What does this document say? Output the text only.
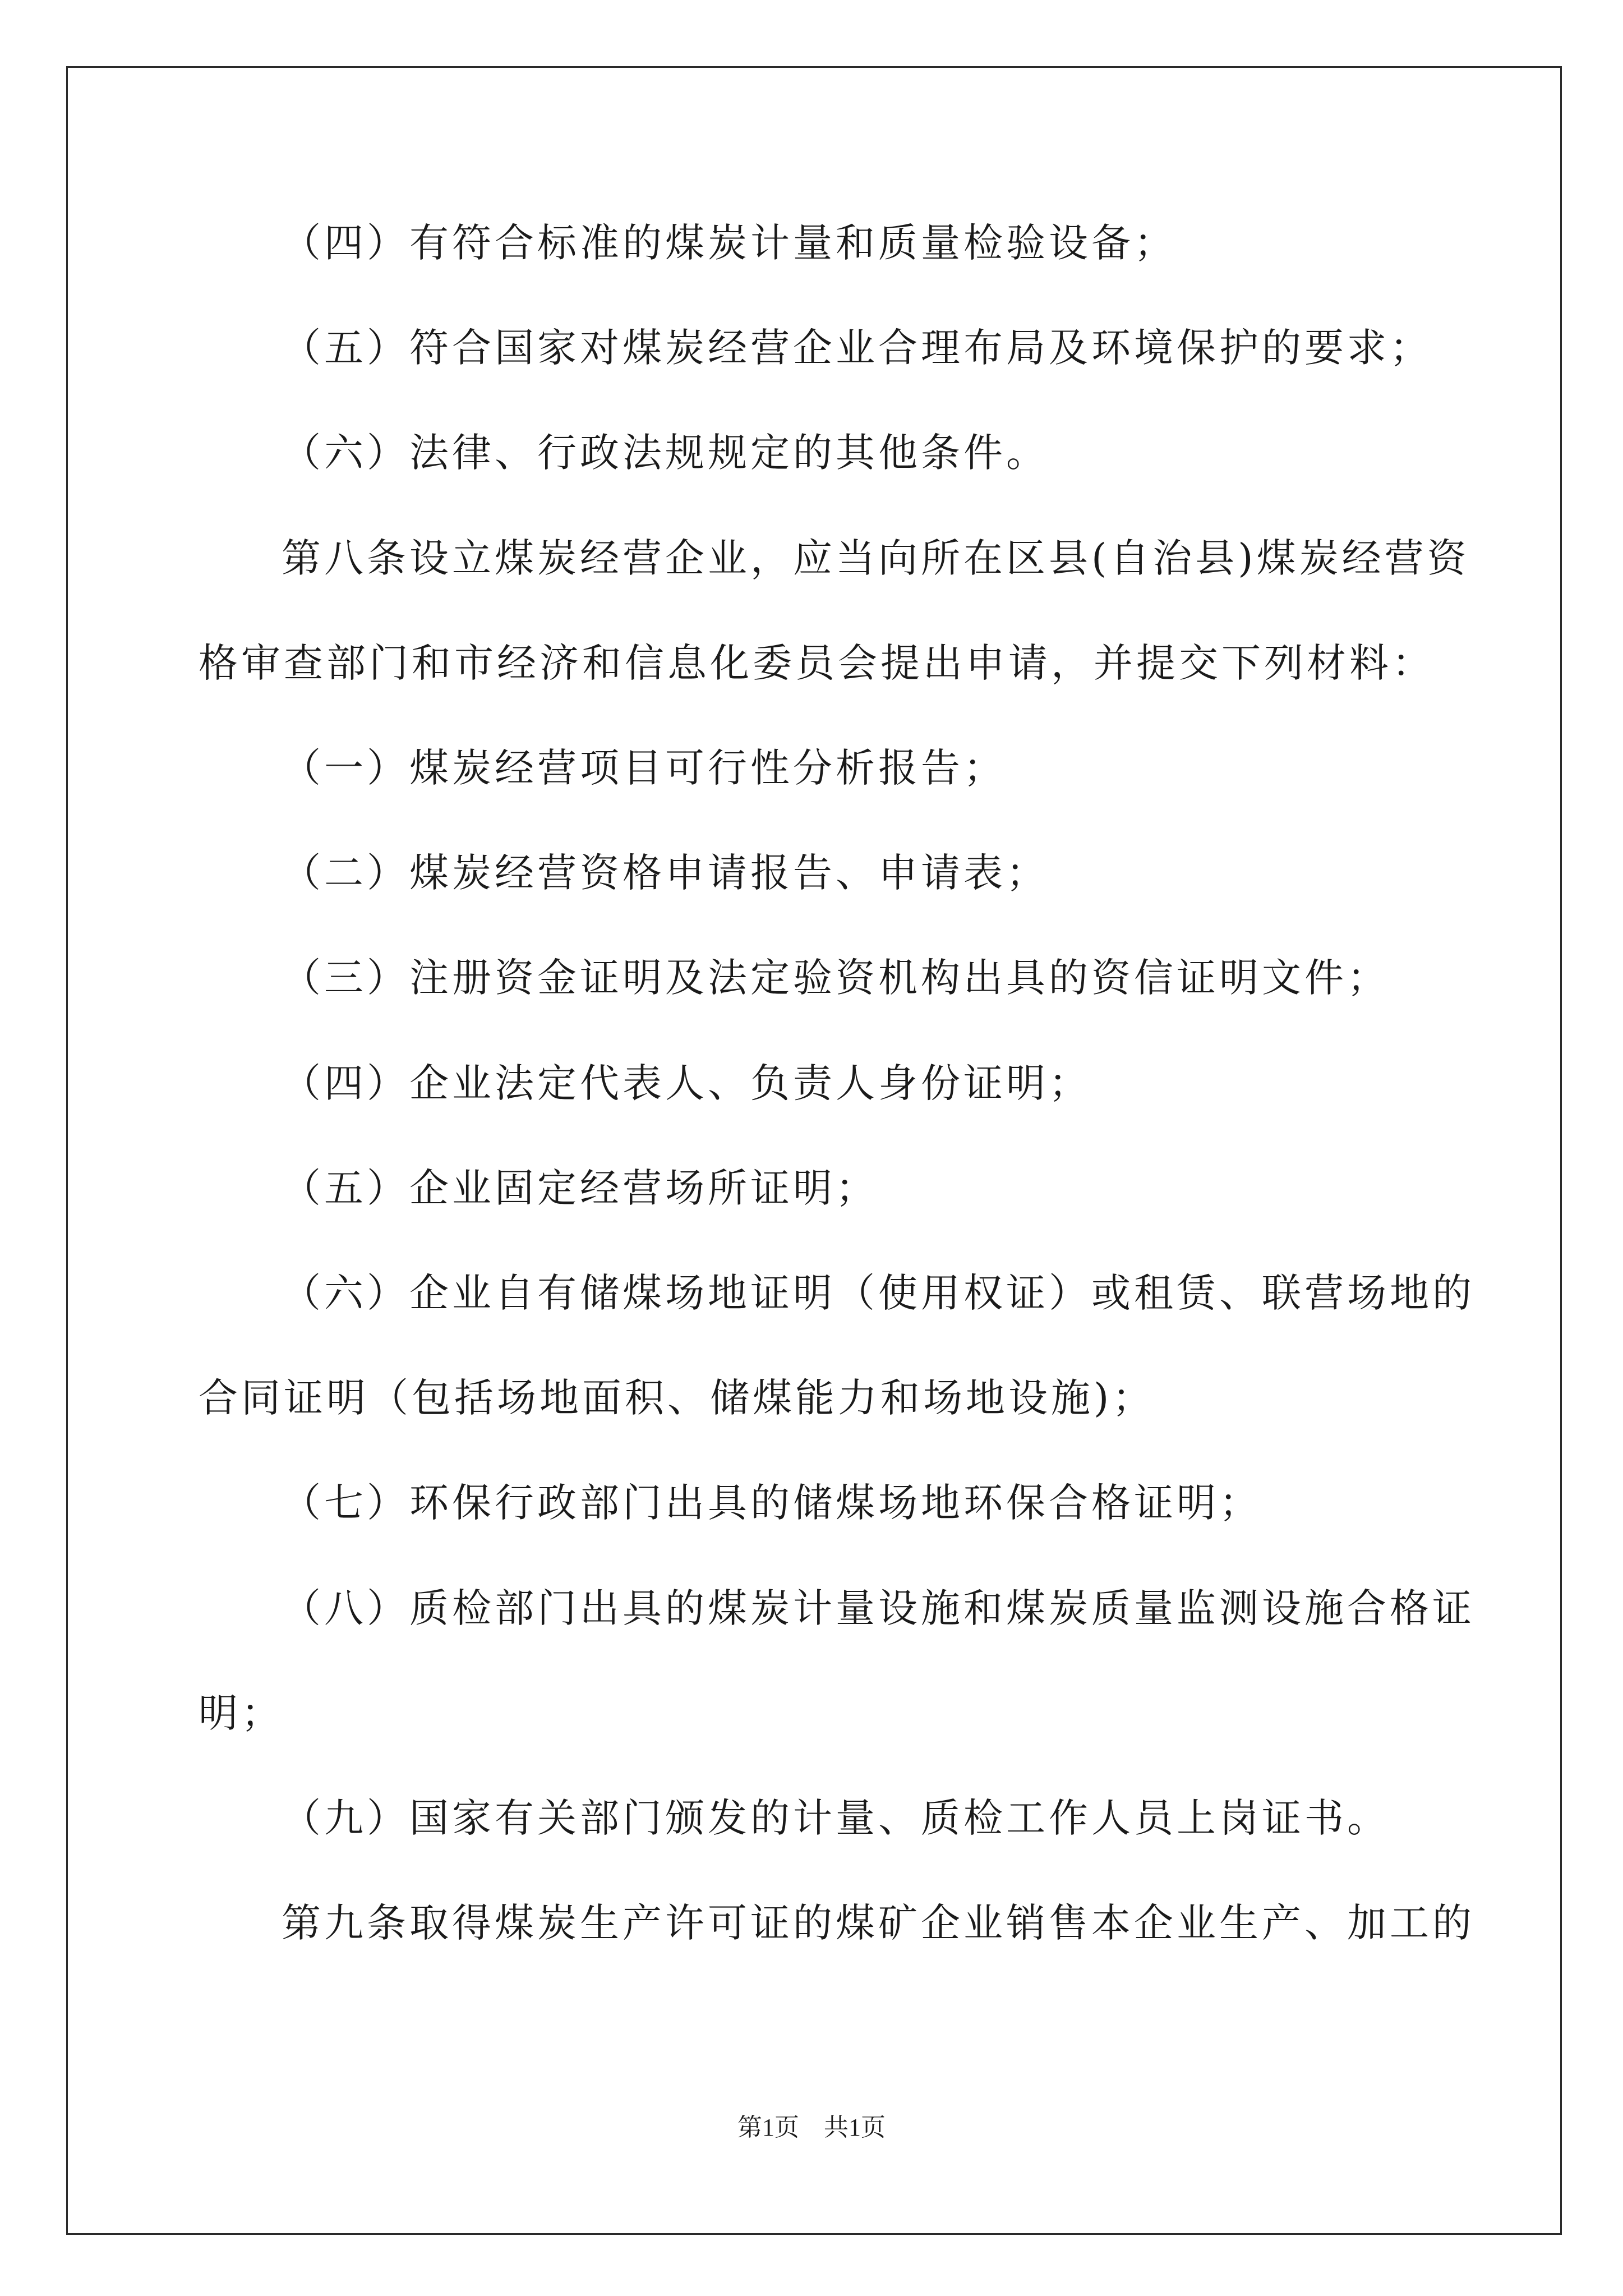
（四）有符合标准的煤炭计量和质量检验设备；

（五）符合国家对煤炭经营企业合理布局及环境保护的要求；

（六）法律、行政法规规定的其他条件。

第八条设立煤炭经营企业，应当向所在区县(自治县)煤炭经营资

格审查部门和市经济和信息化委员会提出申请，并提交下列材料：

（一）煤炭经营项目可行性分析报告；

（二）煤炭经营资格申请报告、申请表；

（三）注册资金证明及法定验资机构出具的资信证明文件；

（四）企业法定代表人、负责人身份证明；

（五）企业固定经营场所证明；

（六）企业自有储煤场地证明（使用权证）或租赁、联营场地的

合同证明（包括场地面积、储煤能力和场地设施)；

（七）环保行政部门出具的储煤场地环保合格证明；

（八）质检部门出具的煤炭计量设施和煤炭质量监测设施合格证

明；

（九）国家有关部门颁发的计量、质检工作人员上岗证书。

第九条取得煤炭生产许可证的煤矿企业销售本企业生产、加工的

第1页　共1页
